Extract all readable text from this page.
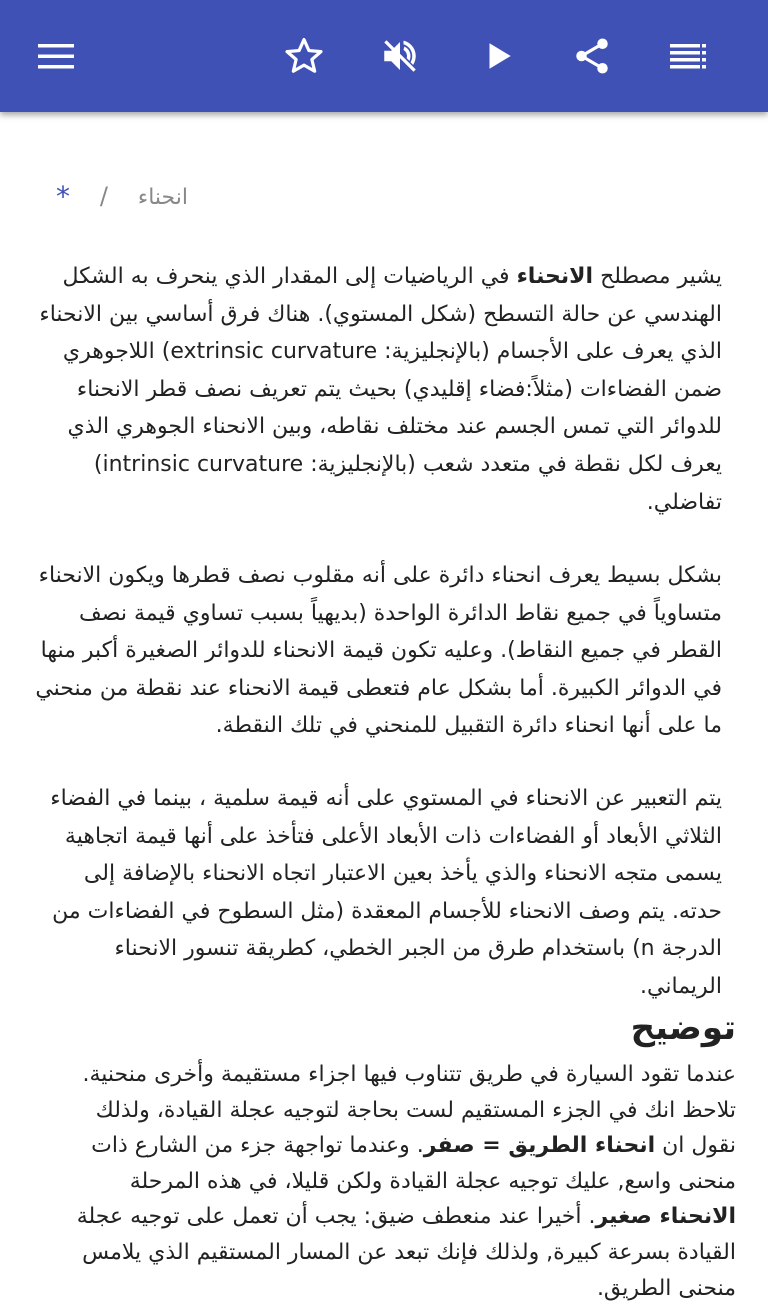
انحناء
/
*

يشير مصطلح الانحناء في الرياضيات إلى المقدار الذي ينحرف به الشكل الهندسي عن حالة التسطح (شكل المستوي). هناك فرق أساسي بين الانحناء الذي يعرف على الأجسام (بالإنجليزية: extrinsic curvature) اللاجوهري ضمن الفضاءات (مثلاً:فضاء إقليدي) بحيث يتم تعريف نصف قطر الانحناء للدوائر التي تمس الجسم عند مختلف نقاطه، وبين الانحناء الجوهري الذي يعرف لكل نقطة في متعدد شعب (بالإنجليزية: intrinsic curvature) تفاضلي.

بشكل بسيط يعرف انحناء دائرة على أنه مقلوب نصف قطرها ويكون الانحناء متساوياً في جميع نقاط الدائرة الواحدة (بديهياً بسبب تساوي قيمة نصف القطر في جميع النقاط). وعليه تكون قيمة الانحناء للدوائر الصغيرة أكبر منها في الدوائر الكبيرة. أما بشكل عام فتعطى قيمة الانحناء عند نقطة من منحني ما على أنها انحناء دائرة التقبيل للمنحني في تلك النقطة.

يتم التعبير عن الانحناء في المستوي على أنه قيمة سلمية ، بينما في الفضاء الثلاثي الأبعاد أو الفضاءات ذات الأبعاد الأعلى فتأخذ على أنها قيمة اتجاهية يسمى متجه الانحناء والذي يأخذ بعين الاعتبار اتجاه الانحناء بالإضافة إلى حدته. يتم وصف الانحناء للأجسام المعقدة (مثل السطوح في الفضاءات من الدرجة n) باستخدام طرق من الجبر الخطي، كطريقة تنسور الانحناء الريماني.

توضيح

عندما تقود السيارة في طريق تتناوب فيها اجزاء مستقيمة وأخرى منحنية. تلاحظ انك في الجزء المستقيم لست بحاجة لتوجيه عجلة القيادة، ولذلك نقول ان انحناء الطريق = صفر. وعندما تواجهة جزء من الشارع ذات منحنى واسع, عليك توجيه عجلة القيادة ولكن قليلا، في هذه المرحلة الانحناء صغير. أخيرا عند منعطف ضيق: يجب أن تعمل على توجيه عجلة القيادة بسرعة كبيرة, ولذلك فإنك تبعد عن المسار المستقيم الذي يلامس منحنى الطريق.
